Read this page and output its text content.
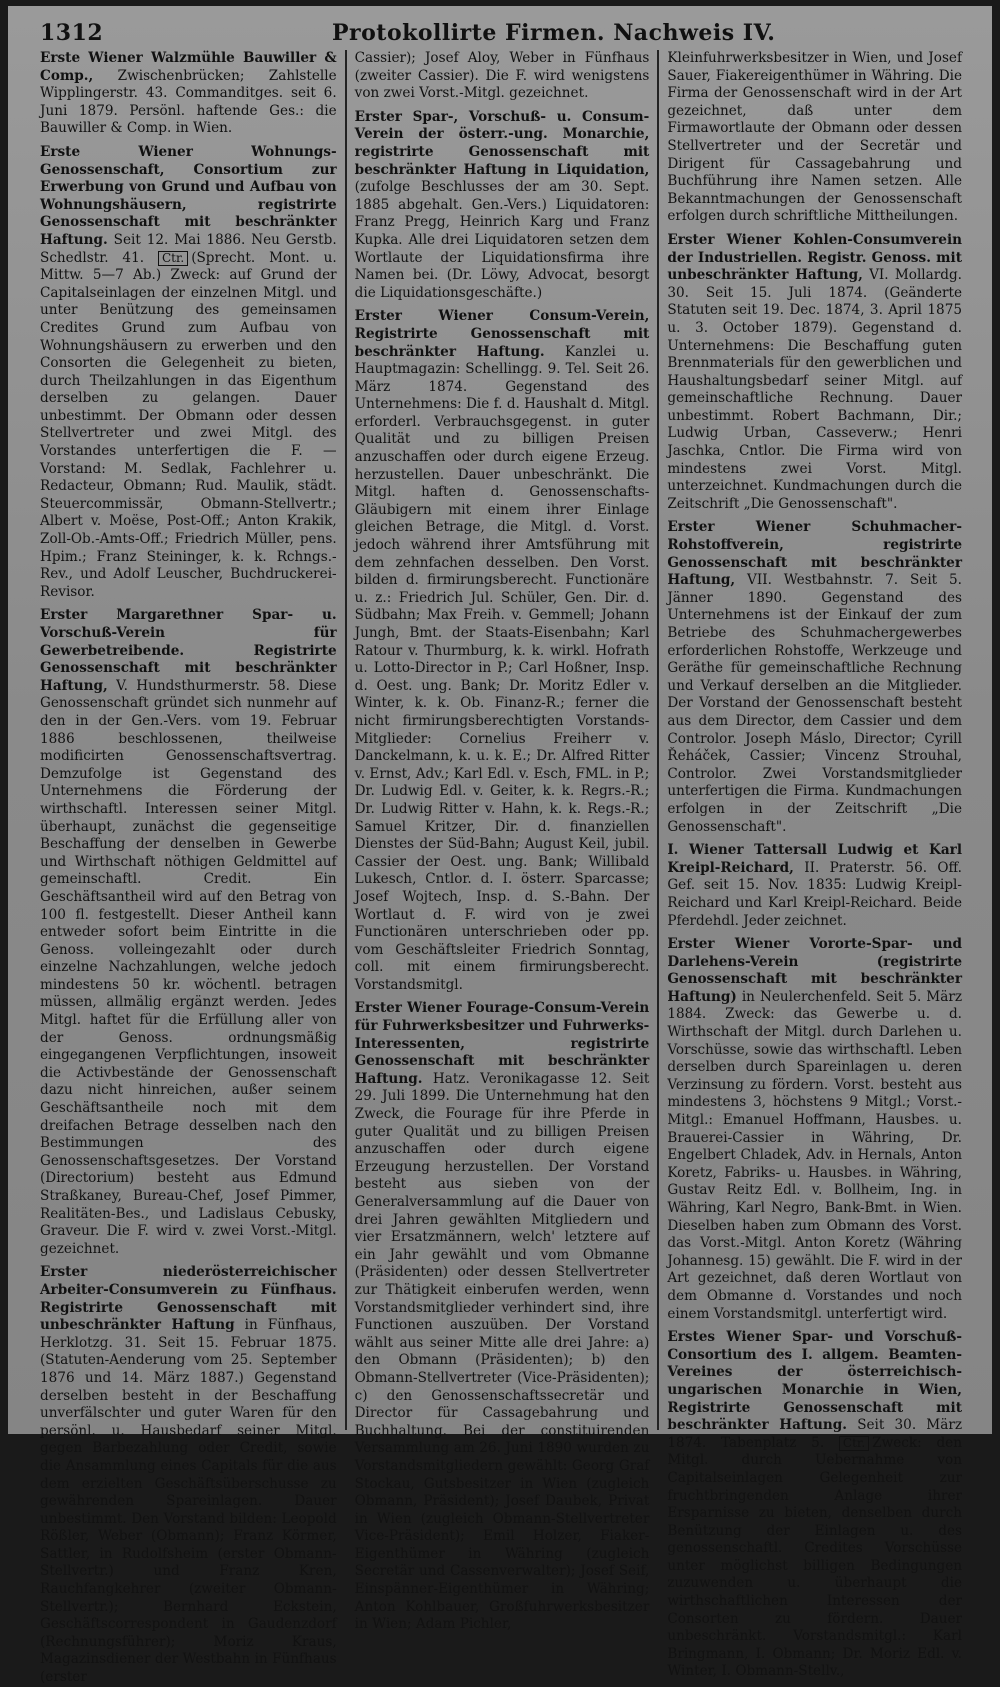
1312	Protokollirte Firmen. Nachweis IV.
Erste Wiener Walzmühle Bauwiller & Comp., Zwischenbrücken; Zahlstelle Wipplingerstr. 43. Commanditges. seit 6. Juni 1879. Persönl. haftende Ges.: die Bauwiller & Comp. in Wien.
Erste Wiener Wohnungs-Genossenschaft, Consortium zur Erwerbung von Grund und Aufbau von Wohnungshäusern, registrirte Genossenschaft mit beschränkter Haftung. Seit 12. Mai 1886. Neu Gerstb. Schedlstr. 41. Ctr. (Sprecht. Mont. u. Mittw. 5—7 Ab.) Zweck: auf Grund der Capitalseinlagen der einzelnen Mitgl. und unter Benützung des gemeinsamen Credites Grund zum Aufbau von Wohnungshäusern zu erwerben und den Consorten die Gelegenheit zu bieten, durch Theilzahlungen in das Eigenthum derselben zu gelangen. Dauer unbestimmt. Der Obmann oder dessen Stellvertreter und zwei Mitgl. des Vorstandes unterfertigen die F. — Vorstand: M. Sedlak, Fachlehrer u. Redacteur, Obmann; Rud. Maulik, städt. Steuercommissär, Obmann-Stellvertr.; Albert v. Moëse, Post-Off.; Anton Krakik, Zoll-Ob.-Amts-Off.; Friedrich Müller, pens. Hpim.; Franz Steininger, k. k. Rchngs.-Rev., und Adolf Leuscher, Buchdruckerei-Revisor.
Erster Margarethner Spar- u. Vorschuß-Verein für Gewerbetreibende. Registrirte Genossenschaft mit beschränkter Haftung, V. Hundsthurmerstr. 58. Diese Genossenschaft gründet sich nunmehr auf den in der Gen.-Vers. vom 19. Februar 1886 beschlossenen, theilweise modificirten Genossenschaftsvertrag. Demzufolge ist Gegenstand des Unternehmens die Förderung der wirthschaftl. Interessen seiner Mitgl. überhaupt, zunächst die gegenseitige Beschaffung der denselben in Gewerbe und Wirthschaft nöthigen Geldmittel auf gemeinschaftl. Credit. Ein Geschäftsantheil wird auf den Betrag von 100 fl. festgestellt. Dieser Antheil kann entweder sofort beim Eintritte in die Genoss. volleingezahlt oder durch einzelne Nachzahlungen, welche jedoch mindestens 50 kr. wöchentl. betragen müssen, allmälig ergänzt werden. Jedes Mitgl. haftet für die Erfüllung aller von der Genoss. ordnungsmäßig eingegangenen Verpflichtungen, insoweit die Activbestände der Genossenschaft dazu nicht hinreichen, außer seinem Geschäftsantheile noch mit dem dreifachen Betrage desselben nach den Bestimmungen des Genossenschaftsgesetzes. Der Vorstand (Directorium) besteht aus Edmund Straßkaney, Bureau-Chef, Josef Pimmer, Realitäten-Bes., und Ladislaus Cebusky, Graveur. Die F. wird v. zwei Vorst.-Mitgl. gezeichnet.
Erster niederösterreichischer Arbeiter-Consumverein zu Fünfhaus. Registrirte Genossenschaft mit unbeschränkter Haftung in Fünfhaus, Herklotzg. 31. Seit 15. Februar 1875. (Statuten-Aenderung vom 25. September 1876 und 14. März 1887.) Gegenstand derselben besteht in der Beschaffung unverfälschter und guter Waren für den persönl. u. Hausbedarf seiner Mitgl. gegen Barbezahlung oder Credit, sowie die Ansammlung eines Capitals für die aus dem erzielten Geschäftsüberschusse zu gewährenden Spareinlagen. Dauer unbestimmt. Den Vorstand bilden: Leopold Rößler, Weber (Obmann); Franz Körmer, Sattler, in Rudolfsheim (erster Obmann-Stellvertr.) und Franz Kren, Rauchfangkehrer (zweiter Obmann-Stellvertr.); Bernhard Eckstein, Geschäftscorrespondent in Gaudenzdorf (Rechnungsführer); Moriz Kraus, Magazinsdiener der Westbahn in Fünfhaus (erster
Cassier); Josef Aloy, Weber in Fünfhaus (zweiter Cassier). Die F. wird wenigstens von zwei Vorst.-Mitgl. gezeichnet.
Erster Spar-, Vorschuß- u. Consum-Verein der österr.-ung. Monarchie, registrirte Genossenschaft mit beschränkter Haftung in Liquidation, (zufolge Beschlusses der am 30. Sept. 1885 abgehalt. Gen.-Vers.) Liquidatoren: Franz Pregg, Heinrich Karg und Franz Kupka. Alle drei Liquidatoren setzen dem Wortlaute der Liquidationsfirma ihre Namen bei. (Dr. Löwy, Advocat, besorgt die Liquidationsgeschäfte.)
Erster Wiener Consum-Verein, Registrirte Genossenschaft mit beschränkter Haftung. Kanzlei u. Hauptmagazin: Schellingg. 9. Tel. Seit 26. März 1874. Gegenstand des Unternehmens: Die f. d. Haushalt d. Mitgl. erforderl. Verbrauchsgegenst. in guter Qualität und zu billigen Preisen anzuschaffen oder durch eigene Erzeug. herzustellen. Dauer unbeschränkt. Die Mitgl. haften d. Genossenschafts-Gläubigern mit einem ihrer Einlage gleichen Betrage, die Mitgl. d. Vorst. jedoch während ihrer Amtsführung mit dem zehnfachen desselben. Den Vorst. bilden d. firmirungsberecht. Functionäre u. z.: Friedrich Jul. Schüler, Gen. Dir. d. Südbahn; Max Freih. v. Gemmell; Johann Jungh, Bmt. der Staats-Eisenbahn; Karl Ratour v. Thurmburg, k. k. wirkl. Hofrath u. Lotto-Director in P.; Carl Hoßner, Insp. d. Oest. ung. Bank; Dr. Moritz Edler v. Winter, k. k. Ob. Finanz-R.; ferner die nicht firmirungsberechtigten Vorstands-Mitglieder: Cornelius Freiherr v. Danckelmann, k. u. k. E.; Dr. Alfred Ritter v. Ernst, Adv.; Karl Edl. v. Esch, FML. in P.; Dr. Ludwig Edl. v. Geiter, k. k. Regrs.-R.; Dr. Ludwig Ritter v. Hahn, k. k. Regs.-R.; Samuel Kritzer, Dir. d. finanziellen Dienstes der Süd-Bahn; August Keil, jubil. Cassier der Oest. ung. Bank; Willibald Lukesch, Cntlor. d. I. österr. Sparcasse; Josef Wojtech, Insp. d. S.-Bahn. Der Wortlaut d. F. wird von je zwei Functionären unterschrieben oder pp. vom Geschäftsleiter Friedrich Sonntag, coll. mit einem firmirungsberecht. Vorstandsmitgl.
Erster Wiener Fourage-Consum-Verein für Fuhrwerksbesitzer und Fuhrwerks-Interessenten, registrirte Genossenschaft mit beschränkter Haftung. Hatz. Veronikagasse 12. Seit 29. Juli 1899. Die Unternehmung hat den Zweck, die Fourage für ihre Pferde in guter Qualität und zu billigen Preisen anzuschaffen oder durch eigene Erzeugung herzustellen. Der Vorstand besteht aus sieben von der Generalversammlung auf die Dauer von drei Jahren gewählten Mitgliedern und vier Ersatzmännern, welch' letztere auf ein Jahr gewählt und vom Obmanne (Präsidenten) oder dessen Stellvertreter zur Thätigkeit einberufen werden, wenn Vorstandsmitglieder verhindert sind, ihre Functionen auszuüben. Der Vorstand wählt aus seiner Mitte alle drei Jahre: a) den Obmann (Präsidenten); b) den Obmann-Stellvertreter (Vice-Präsidenten); c) den Genossenschaftssecretär und Director für Cassagebahrung und Buchhaltung. Bei der constituirenden Versammlung am 26. Juni 1890 wurden zu Vorstandsmitgliedern gewählt: Georg Graf Stockau, Gutsbesitzer in Wien (zugleich Obmann, Präsident); Josef Daubek, Privat in Wien (zugleich Obmann-Stellvertreter Vice-Präsident); Emil Holzer, Fiaker-Eigenthümer in Währing (zugleich Secretär und Cassenverwalter); Josef Seif, Einspänner-Eigenthümer in Währing; Anton Kohlbauer, Großfuhrwerksbesitzer in Wien; Adam Pichler,
Kleinfuhrwerksbesitzer in Wien, und Josef Sauer, Fiakereigenthümer in Währing. Die Firma der Genossenschaft wird in der Art gezeichnet, daß unter dem Firmawortlaute der Obmann oder dessen Stellvertreter und der Secretär und Dirigent für Cassagebahrung und Buchführung ihre Namen setzen. Alle Bekanntmachungen der Genossenschaft erfolgen durch schriftliche Mittheilungen.
Erster Wiener Kohlen-Consumverein der Industriellen. Registr. Genoss. mit unbeschränkter Haftung, VI. Mollardg. 30. Seit 15. Juli 1874. (Geänderte Statuten seit 19. Dec. 1874, 3. April 1875 u. 3. October 1879). Gegenstand d. Unternehmens: Die Beschaffung guten Brennmaterials für den gewerblichen und Haushaltungsbedarf seiner Mitgl. auf gemeinschaftliche Rechnung. Dauer unbestimmt. Robert Bachmann, Dir.; Ludwig Urban, Casseverw.; Henri Jaschka, Cntlor. Die Firma wird von mindestens zwei Vorst. Mitgl. unterzeichnet. Kundmachungen durch die Zeitschrift „Die Genossenschaft".
Erster Wiener Schuhmacher-Rohstoffverein, registrirte Genossenschaft mit beschränkter Haftung, VII. Westbahnstr. 7. Seit 5. Jänner 1890. Gegenstand des Unternehmens ist der Einkauf der zum Betriebe des Schuhmachergewerbes erforderlichen Rohstoffe, Werkzeuge und Geräthe für gemeinschaftliche Rechnung und Verkauf derselben an die Mitglieder. Der Vorstand der Genossenschaft besteht aus dem Director, dem Cassier und dem Controlor. Joseph Máslo, Director; Cyrill Řeháček, Cassier; Vincenz Strouhal, Controlor. Zwei Vorstandsmitglieder unterfertigen die Firma. Kundmachungen erfolgen in der Zeitschrift „Die Genossenschaft".
I. Wiener Tattersall Ludwig et Karl Kreipl-Reichard, II. Praterstr. 56. Off. Gef. seit 15. Nov. 1835: Ludwig Kreipl-Reichard und Karl Kreipl-Reichard. Beide Pferdehdl. Jeder zeichnet.
Erster Wiener Vororte-Spar- und Darlehens-Verein (registrirte Genossenschaft mit beschränkter Haftung) in Neulerchenfeld. Seit 5. März 1884. Zweck: das Gewerbe u. d. Wirthschaft der Mitgl. durch Darlehen u. Vorschüsse, sowie das wirthschaftl. Leben derselben durch Spareinlagen u. deren Verzinsung zu fördern. Vorst. besteht aus mindestens 3, höchstens 9 Mitgl.; Vorst.-Mitgl.: Emanuel Hoffmann, Hausbes. u. Brauerei-Cassier in Währing, Dr. Engelbert Chladek, Adv. in Hernals, Anton Koretz, Fabriks- u. Hausbes. in Währing, Gustav Reitz Edl. v. Bollheim, Ing. in Währing, Karl Negro, Bank-Bmt. in Wien. Dieselben haben zum Obmann des Vorst. das Vorst.-Mitgl. Anton Koretz (Währing Johannesg. 15) gewählt. Die F. wird in der Art gezeichnet, daß deren Wortlaut von dem Obmanne d. Vorstandes und noch einem Vorstandsmitgl. unterfertigt wird.
Erstes Wiener Spar- und Vorschuß-Consortium des I. allgem. Beamten-Vereines der österreichisch-ungarischen Monarchie in Wien, Registrirte Genossenschaft mit beschränkter Haftung. Seit 30. März 1874. Tabenplatz 5. Ctr. Zweck: den Mitgl. durch Uebernahme von Capitalseinlagen Gelegenheit zur fruchtbringenden Anlage ihrer Ersparnisse zu bieten, denselben durch Benützung der Einlagen u. des genossenschaftl. Credites Vorschüsse unter möglichst billigen Bedingungen zuzuwenden u. überhaupt die wirthschaftlichen Interessen der Consorten zu fördern. Dauer unbeschränkt. Vorstandsmitgl.: Karl Bringmann, I. Obmann; Dr. Moriz Edl. v. Winter, I. Obmann-Stellv.,
